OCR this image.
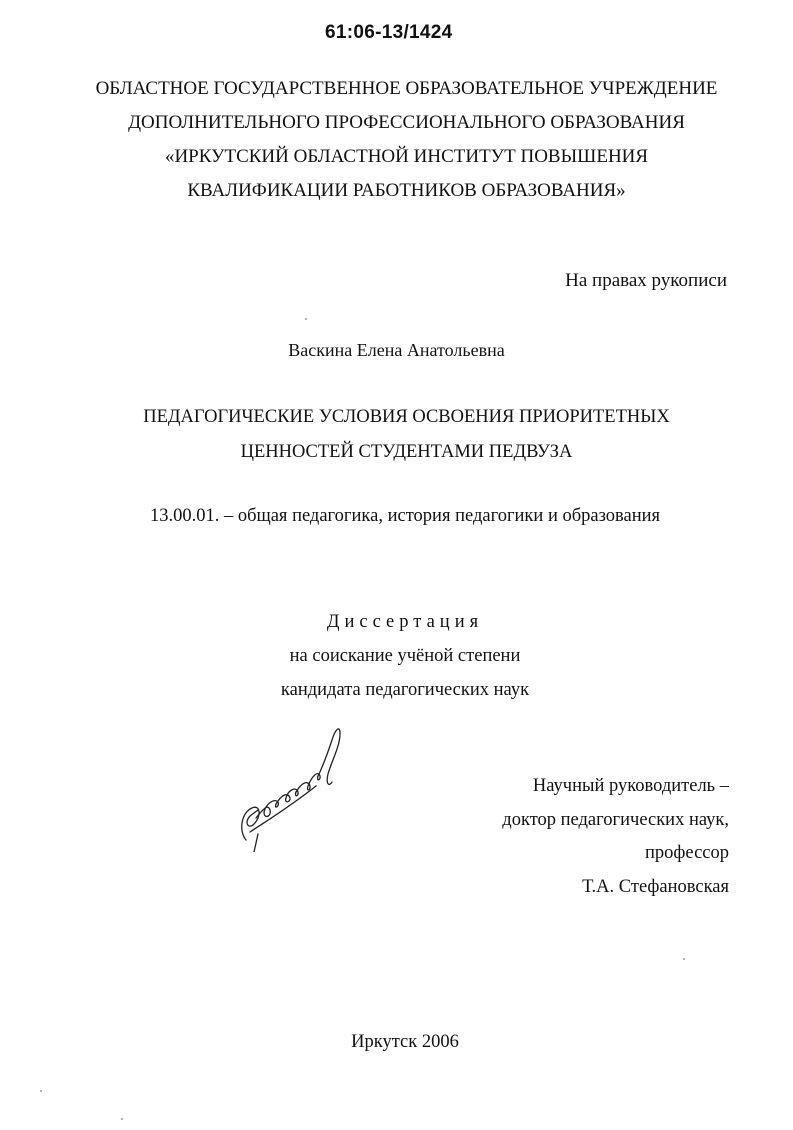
61:06-13/1424
ОБЛАСТНОЕ ГОСУДАРСТВЕННОЕ ОБРАЗОВАТЕЛЬНОЕ УЧРЕЖДЕНИЕ
ДОПОЛНИТЕЛЬНОГО ПРОФЕССИОНАЛЬНОГО ОБРАЗОВАНИЯ
«ИРКУТСКИЙ ОБЛАСТНОЙ ИНСТИТУТ ПОВЫШЕНИЯ
КВАЛИФИКАЦИИ РАБОТНИКОВ ОБРАЗОВАНИЯ»
На правах рукописи
Васкина Елена Анатольевна
ПЕДАГОГИЧЕСКИЕ УСЛОВИЯ ОСВОЕНИЯ ПРИОРИТЕТНЫХ
ЦЕННОСТЕЙ СТУДЕНТАМИ ПЕДВУЗА
13.00.01. – общая педагогика, история педагогики и образования
Диссертация
на соискание учёной степени
кандидата педагогических наук
Научный руководитель –
доктор педагогических наук,
профессор
Т.А. Стефановская
Иркутск 2006
